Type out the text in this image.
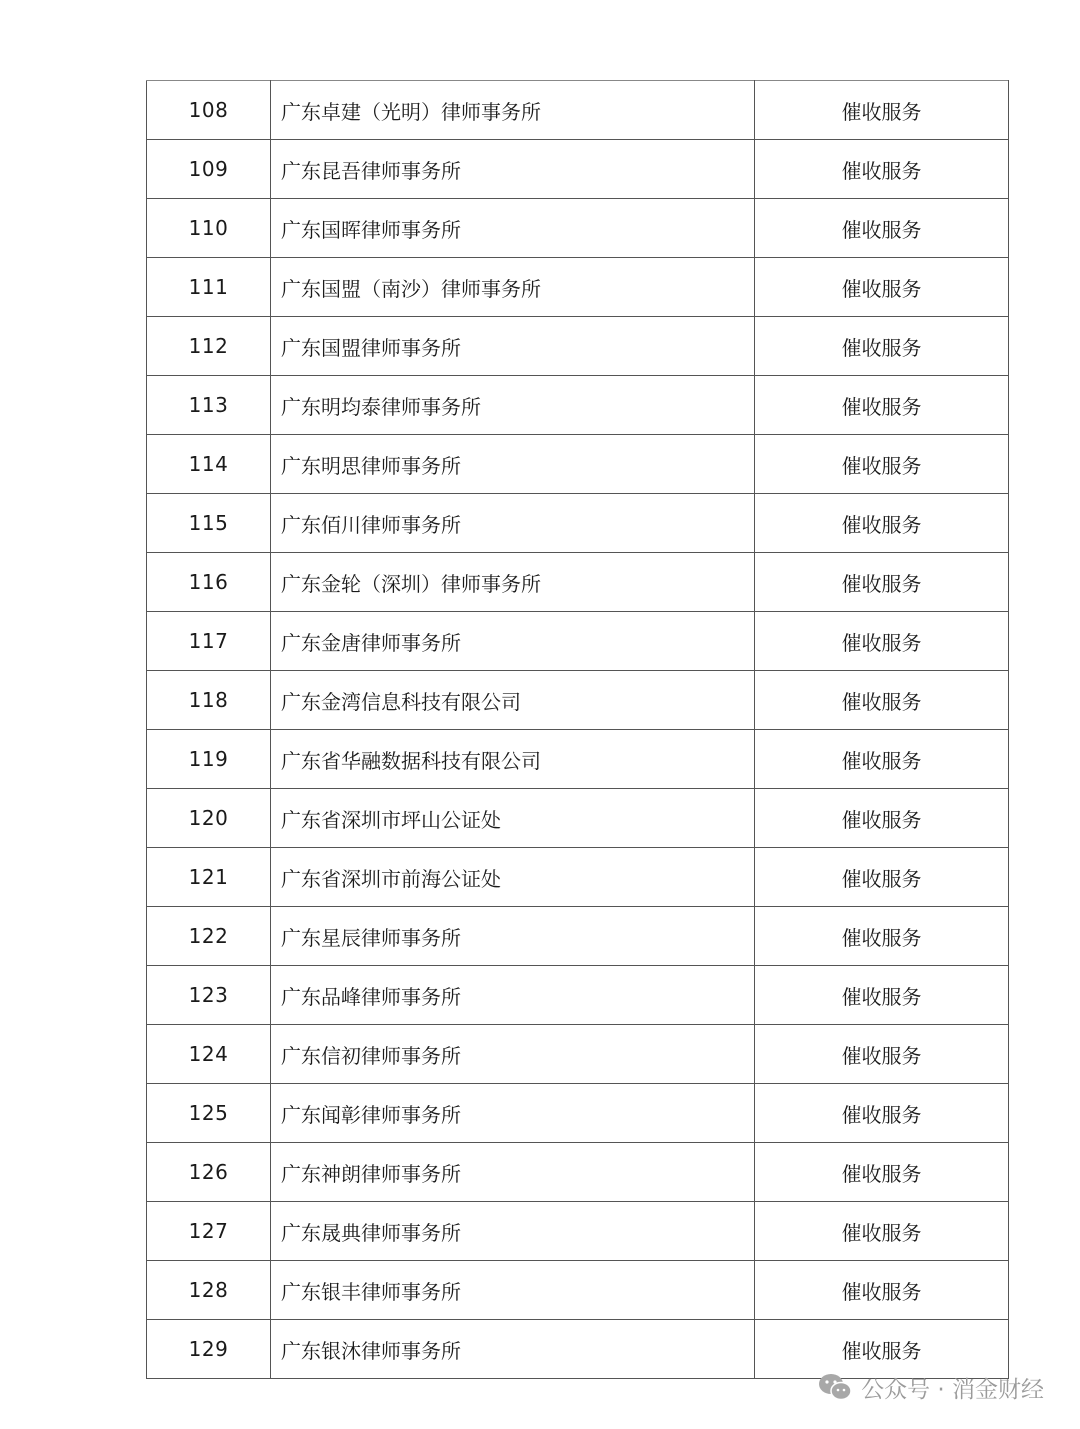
108	广东卓建（光明）律师事务所	催收服务
109	广东昆吾律师事务所	催收服务
110	广东国晖律师事务所	催收服务
111	广东国盟（南沙）律师事务所	催收服务
112	广东国盟律师事务所	催收服务
113	广东明均泰律师事务所	催收服务
114	广东明思律师事务所	催收服务
115	广东佰川律师事务所	催收服务
116	广东金轮（深圳）律师事务所	催收服务
117	广东金唐律师事务所	催收服务
118	广东金湾信息科技有限公司	催收服务
119	广东省华融数据科技有限公司	催收服务
120	广东省深圳市坪山公证处	催收服务
121	广东省深圳市前海公证处	催收服务
122	广东星辰律师事务所	催收服务
123	广东品峰律师事务所	催收服务
124	广东信初律师事务所	催收服务
125	广东闻彰律师事务所	催收服务
126	广东神朗律师事务所	催收服务
127	广东晟典律师事务所	催收服务
128	广东银丰律师事务所	催收服务
129	广东银沐律师事务所	催收服务
公众号 · 消金财经
